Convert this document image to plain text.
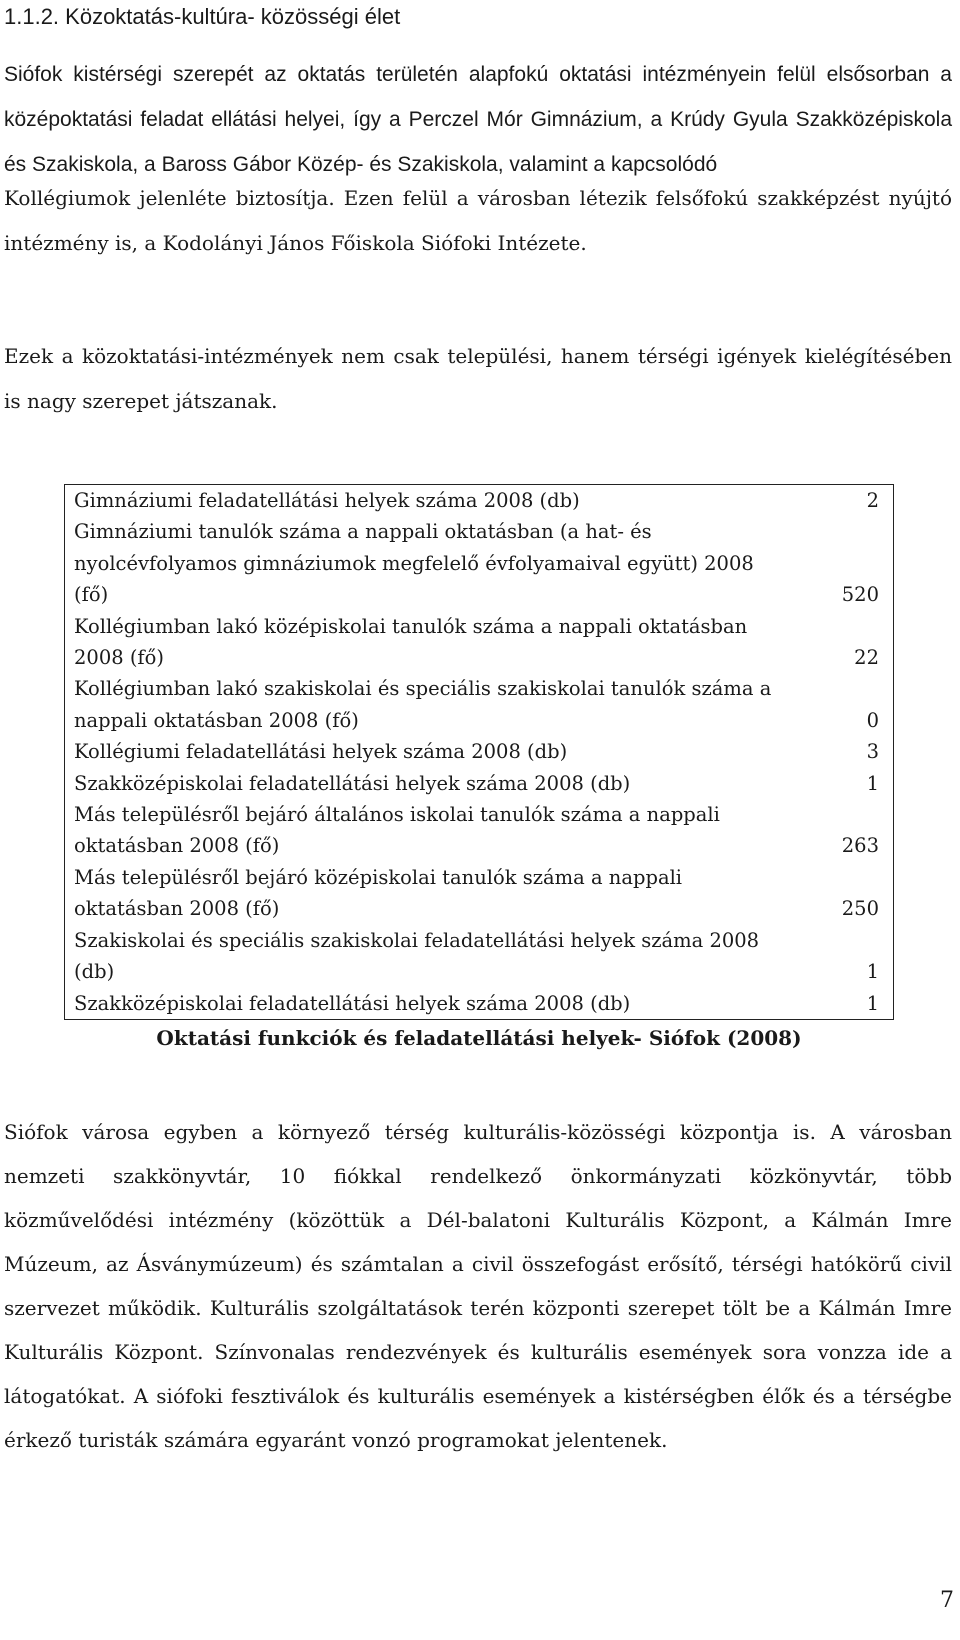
1.1.2. Közoktatás-kultúra- közösségi élet

Siófok kistérségi szerepét az oktatás területén alapfokú oktatási intézményein felül elsősorban a középoktatási feladat ellátási helyei, így a Perczel Mór Gimnázium, a Krúdy Gyula Szakközépiskola és Szakiskola, a Baross Gábor Közép- és Szakiskola, valamint a kapcsolódó

Kollégiumok jelenléte biztosítja. Ezen felül a városban létezik felsőfokú szakképzést nyújtó intézmény is, a Kodolányi János Főiskola Siófoki Intézete.

Ezek a közoktatási-intézmények nem csak települési, hanem térségi igények kielégítésében is nagy szerepet játszanak.

Gimnáziumi feladatellátási helyek száma 2008 (db)	2
Gimnáziumi tanulók száma a nappali oktatásban (a hat- és nyolcévfolyamos gimnáziumok megfelelő évfolyamaival együtt) 2008 (fő)	520
Kollégiumban lakó középiskolai tanulók száma a nappali oktatásban 2008 (fő)	22
Kollégiumban lakó szakiskolai és speciális szakiskolai tanulók száma a nappali oktatásban 2008 (fő)	0
Kollégiumi feladatellátási helyek száma 2008 (db)	3
Szakközépiskolai feladatellátási helyek száma 2008 (db)	1
Más településről bejáró általános iskolai tanulók száma a nappali oktatásban 2008 (fő)	263
Más településről bejáró középiskolai tanulók száma a nappali oktatásban 2008 (fő)	250
Szakiskolai és speciális szakiskolai feladatellátási helyek száma 2008 (db)	1
Szakközépiskolai feladatellátási helyek száma 2008 (db)	1
Oktatási funkciók és feladatellátási helyek- Siófok (2008)

Siófok városa egyben a környező térség kulturális-közösségi központja is. A városban nemzeti szakkönyvtár, 10 fiókkal rendelkező önkormányzati közkönyvtár, több közművelődési intézmény (közöttük a Dél-balatoni Kulturális Központ, a Kálmán Imre Múzeum, az Ásványmúzeum) és számtalan a civil összefogást erősítő, térségi hatókörű civil szervezet működik. Kulturális szolgáltatások terén központi szerepet tölt be a Kálmán Imre Kulturális Központ. Színvonalas rendezvények és kulturális események sora vonzza ide a látogatókat. A siófoki fesztiválok és kulturális események a kistérségben élők és a térségbe érkező turisták számára egyaránt vonzó programokat jelentenek.

7
